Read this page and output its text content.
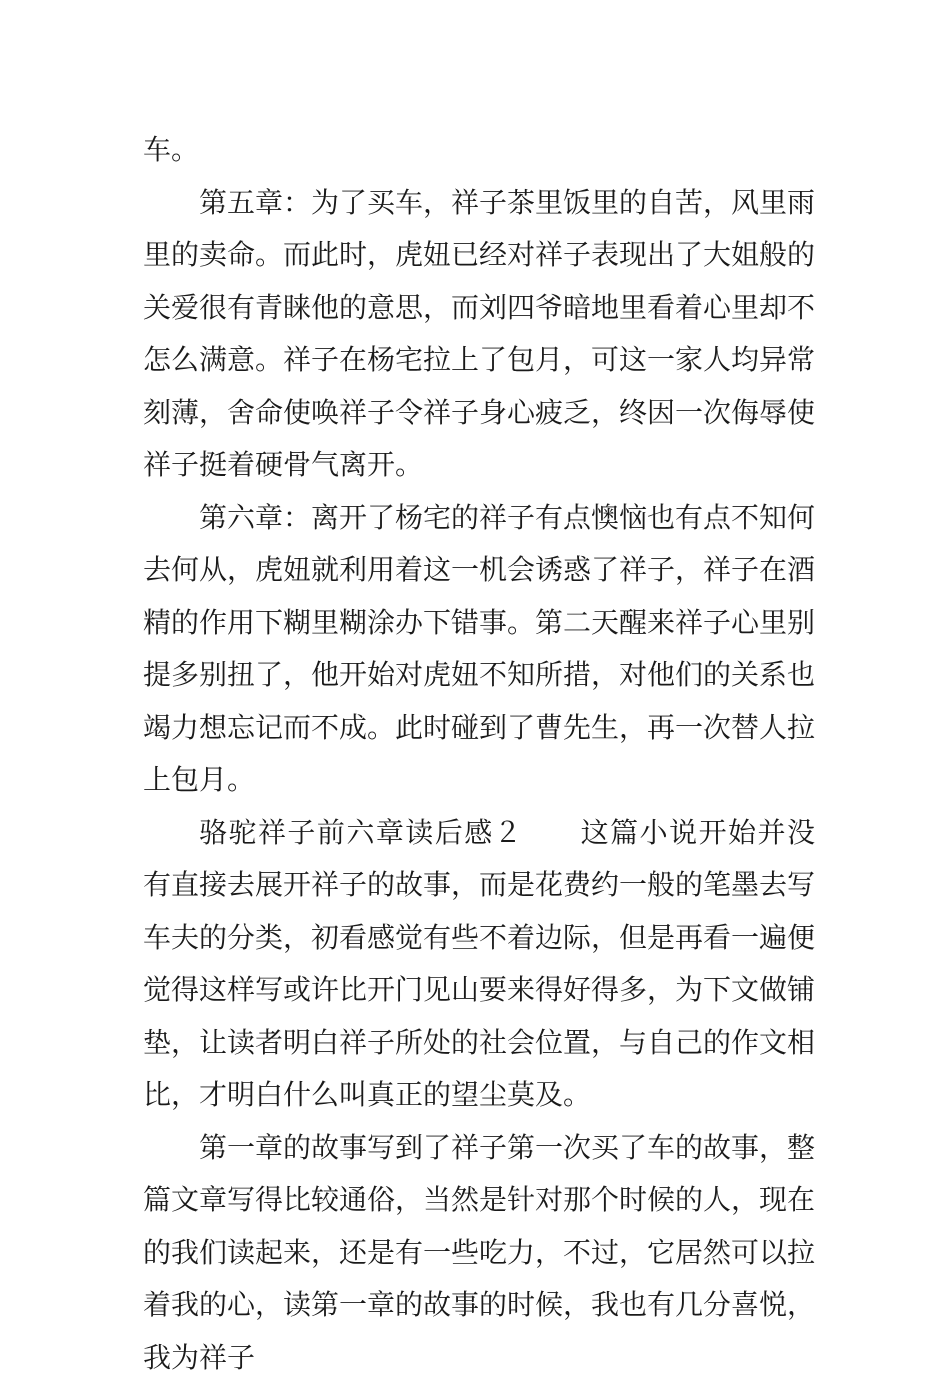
车。

第五章：为了买车，祥子茶里饭里的自苦，风里雨里的卖命。而此时，虎妞已经对祥子表现出了大姐般的关爱很有青睐他的意思，而刘四爷暗地里看着心里却不怎么满意。祥子在杨宅拉上了包月，可这一家人均异常刻薄，舍命使唤祥子令祥子身心疲乏，终因一次侮辱使祥子挺着硬骨气离开。

第六章：离开了杨宅的祥子有点懊恼也有点不知何去何从，虎妞就利用着这一机会诱惑了祥子，祥子在酒精的作用下糊里糊涂办下错事。第二天醒来祥子心里别提多别扭了，他开始对虎妞不知所措，对他们的关系也竭力想忘记而不成。此时碰到了曹先生，再一次替人拉上包月。

骆驼祥子前六章读后感２ 这篇小说开始并没有直接去展开祥子的故事，而是花费约一般的笔墨去写车夫的分类，初看感觉有些不着边际，但是再看一遍便觉得这样写或许比开门见山要来得好得多，为下文做铺垫，让读者明白祥子所处的社会位置，与自己的作文相比，才明白什么叫真正的望尘莫及。

第一章的故事写到了祥子第一次买了车的故事，整篇文章写得比较通俗，当然是针对那个时候的人，现在的我们读起来，还是有一些吃力，不过，它居然可以拉着我的心，读第一章的故事的时候，我也有几分喜悦，我为祥子
